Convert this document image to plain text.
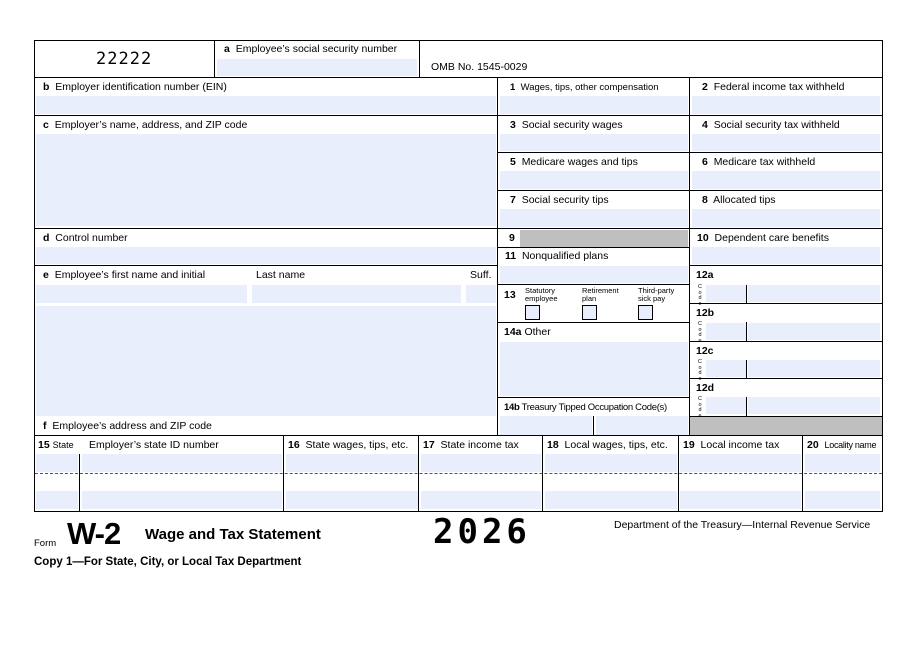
22222	a Employee’s social security number
OMB No. 1545-0029
b Employer identification number (EIN)
c Employer’s name, address, and ZIP code
d Control number
e Employee’s first name and initial	Last name	Suff.
f Employee’s address and ZIP code
1 Wages, tips, other compensation	2 Federal income tax withheld
3 Social security wages	4 Social security tax withheld
5 Medicare wages and tips	6 Medicare tax withheld
7 Social security tips	8 Allocated tips
9	10 Dependent care benefits
11 Nonqualified plans
12a
12b
12c
12d
C
o
d
e
C
o
d
e
C
o
d
e
C
o
d
e
13 Statutory
employee
Retirement
plan
Third-party
sick pay
14a Other
14b Treasury Tipped Occupation Code(s)
15 State Employer’s state ID number	16 State wages, tips, etc. 17 State income tax	18 Local wages, tips, etc. 19 Local income tax	20 Locality name
Form W-2 Wage and Tax Statement	2026	Department of the Treasury—Internal Revenue Service
Copy 1—For State, City, or Local Tax Department
